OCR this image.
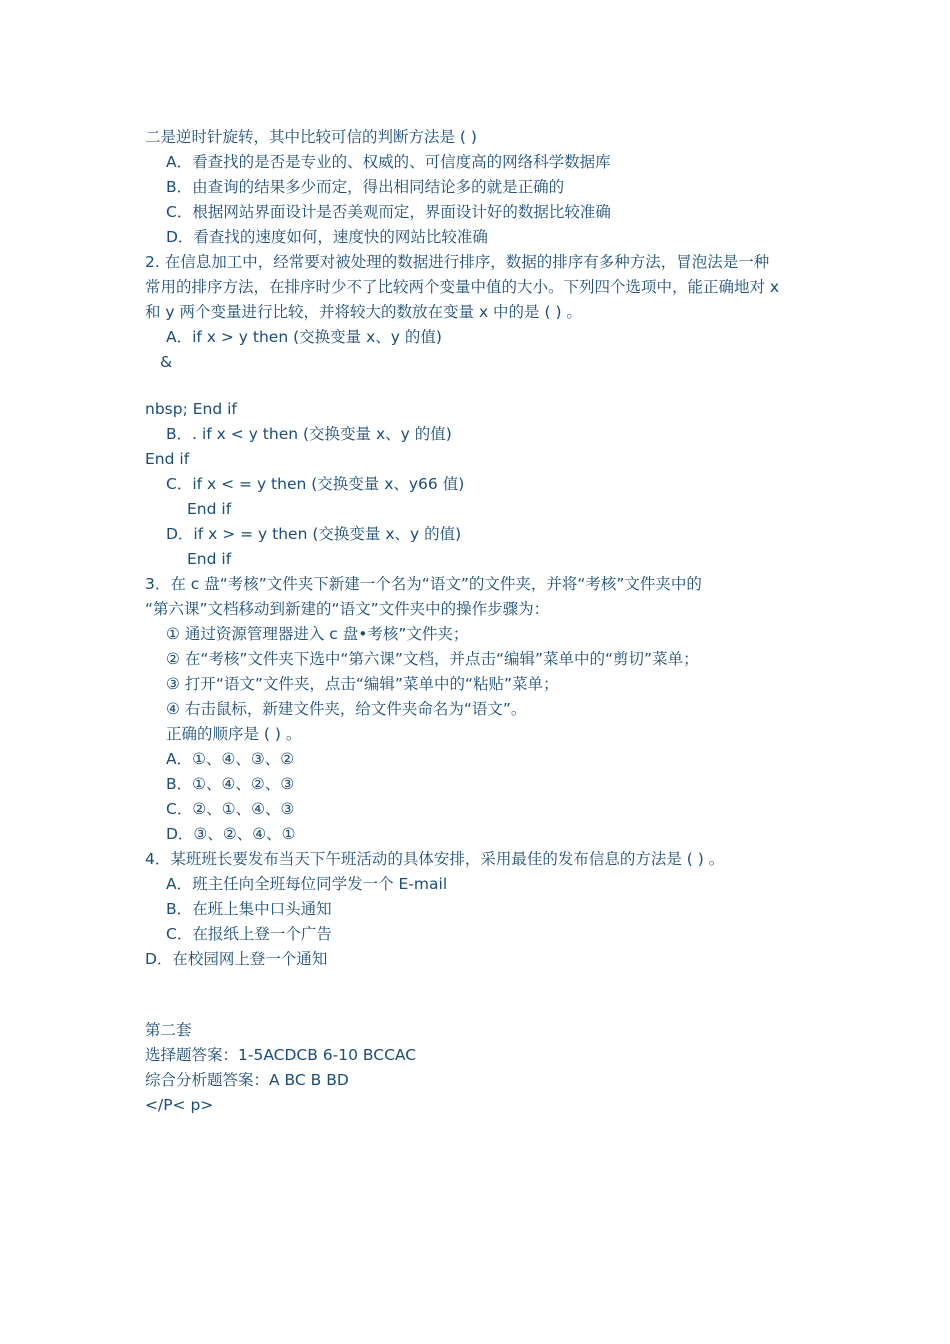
二是逆时针旋转，其中比较可信的判断方法是 ( )
A．看查找的是否是专业的、权威的、可信度高的网络科学数据库
B．由查询的结果多少而定，得出相同结论多的就是正确的
C．根据网站界面设计是否美观而定，界面设计好的数据比较准确
D．看查找的速度如何，速度快的网站比较准确
2. 在信息加工中，经常要对被处理的数据进行排序，数据的排序有多种方法，冒泡法是一种
常用的排序方法，在排序时少不了比较两个变量中值的大小。下列四个选项中，能正确地对 x
和 y 两个变量进行比较，并将较大的数放在变量 x 中的是 ( ) 。
A．if x > y then (交换变量 x、y 的值)
&
nbsp; End if
B．. if x < y then (交换变量 x、y 的值)
End if
C．if x < = y then (交换变量 x、y66 值)
End if
D．if x > = y then (交换变量 x、y 的值)
End if
3．在 c 盘“考核”文件夹下新建一个名为“语文”的文件夹，并将“考核”文件夹中的
“第六课”文档移动到新建的“语文”文件夹中的操作步骤为：
① 通过资源管理器进入 c 盘•考核”文件夹；
② 在“考核”文件夹下选中“第六课”文档，并点击“编辑”菜单中的“剪切”菜单；
③ 打开“语文”文件夹，点击“编辑”菜单中的“粘贴”菜单；
④ 右击鼠标，新建文件夹，给文件夹命名为“语文”。
正确的顺序是 ( ) 。
A．①、④、③、②
B．①、④、②、③
C．②、①、④、③
D．③、②、④、①
4．某班班长要发布当天下午班活动的具体安排，采用最佳的发布信息的方法是 ( ) 。
A．班主任向全班每位同学发一个 E-mail
B．在班上集中口头通知
C．在报纸上登一个广告
D．在校园网上登一个通知
第二套
选择题答案：1-5ACDCB 6-10 BCCAC
综合分析题答案：A BC B BD
</P< p>
